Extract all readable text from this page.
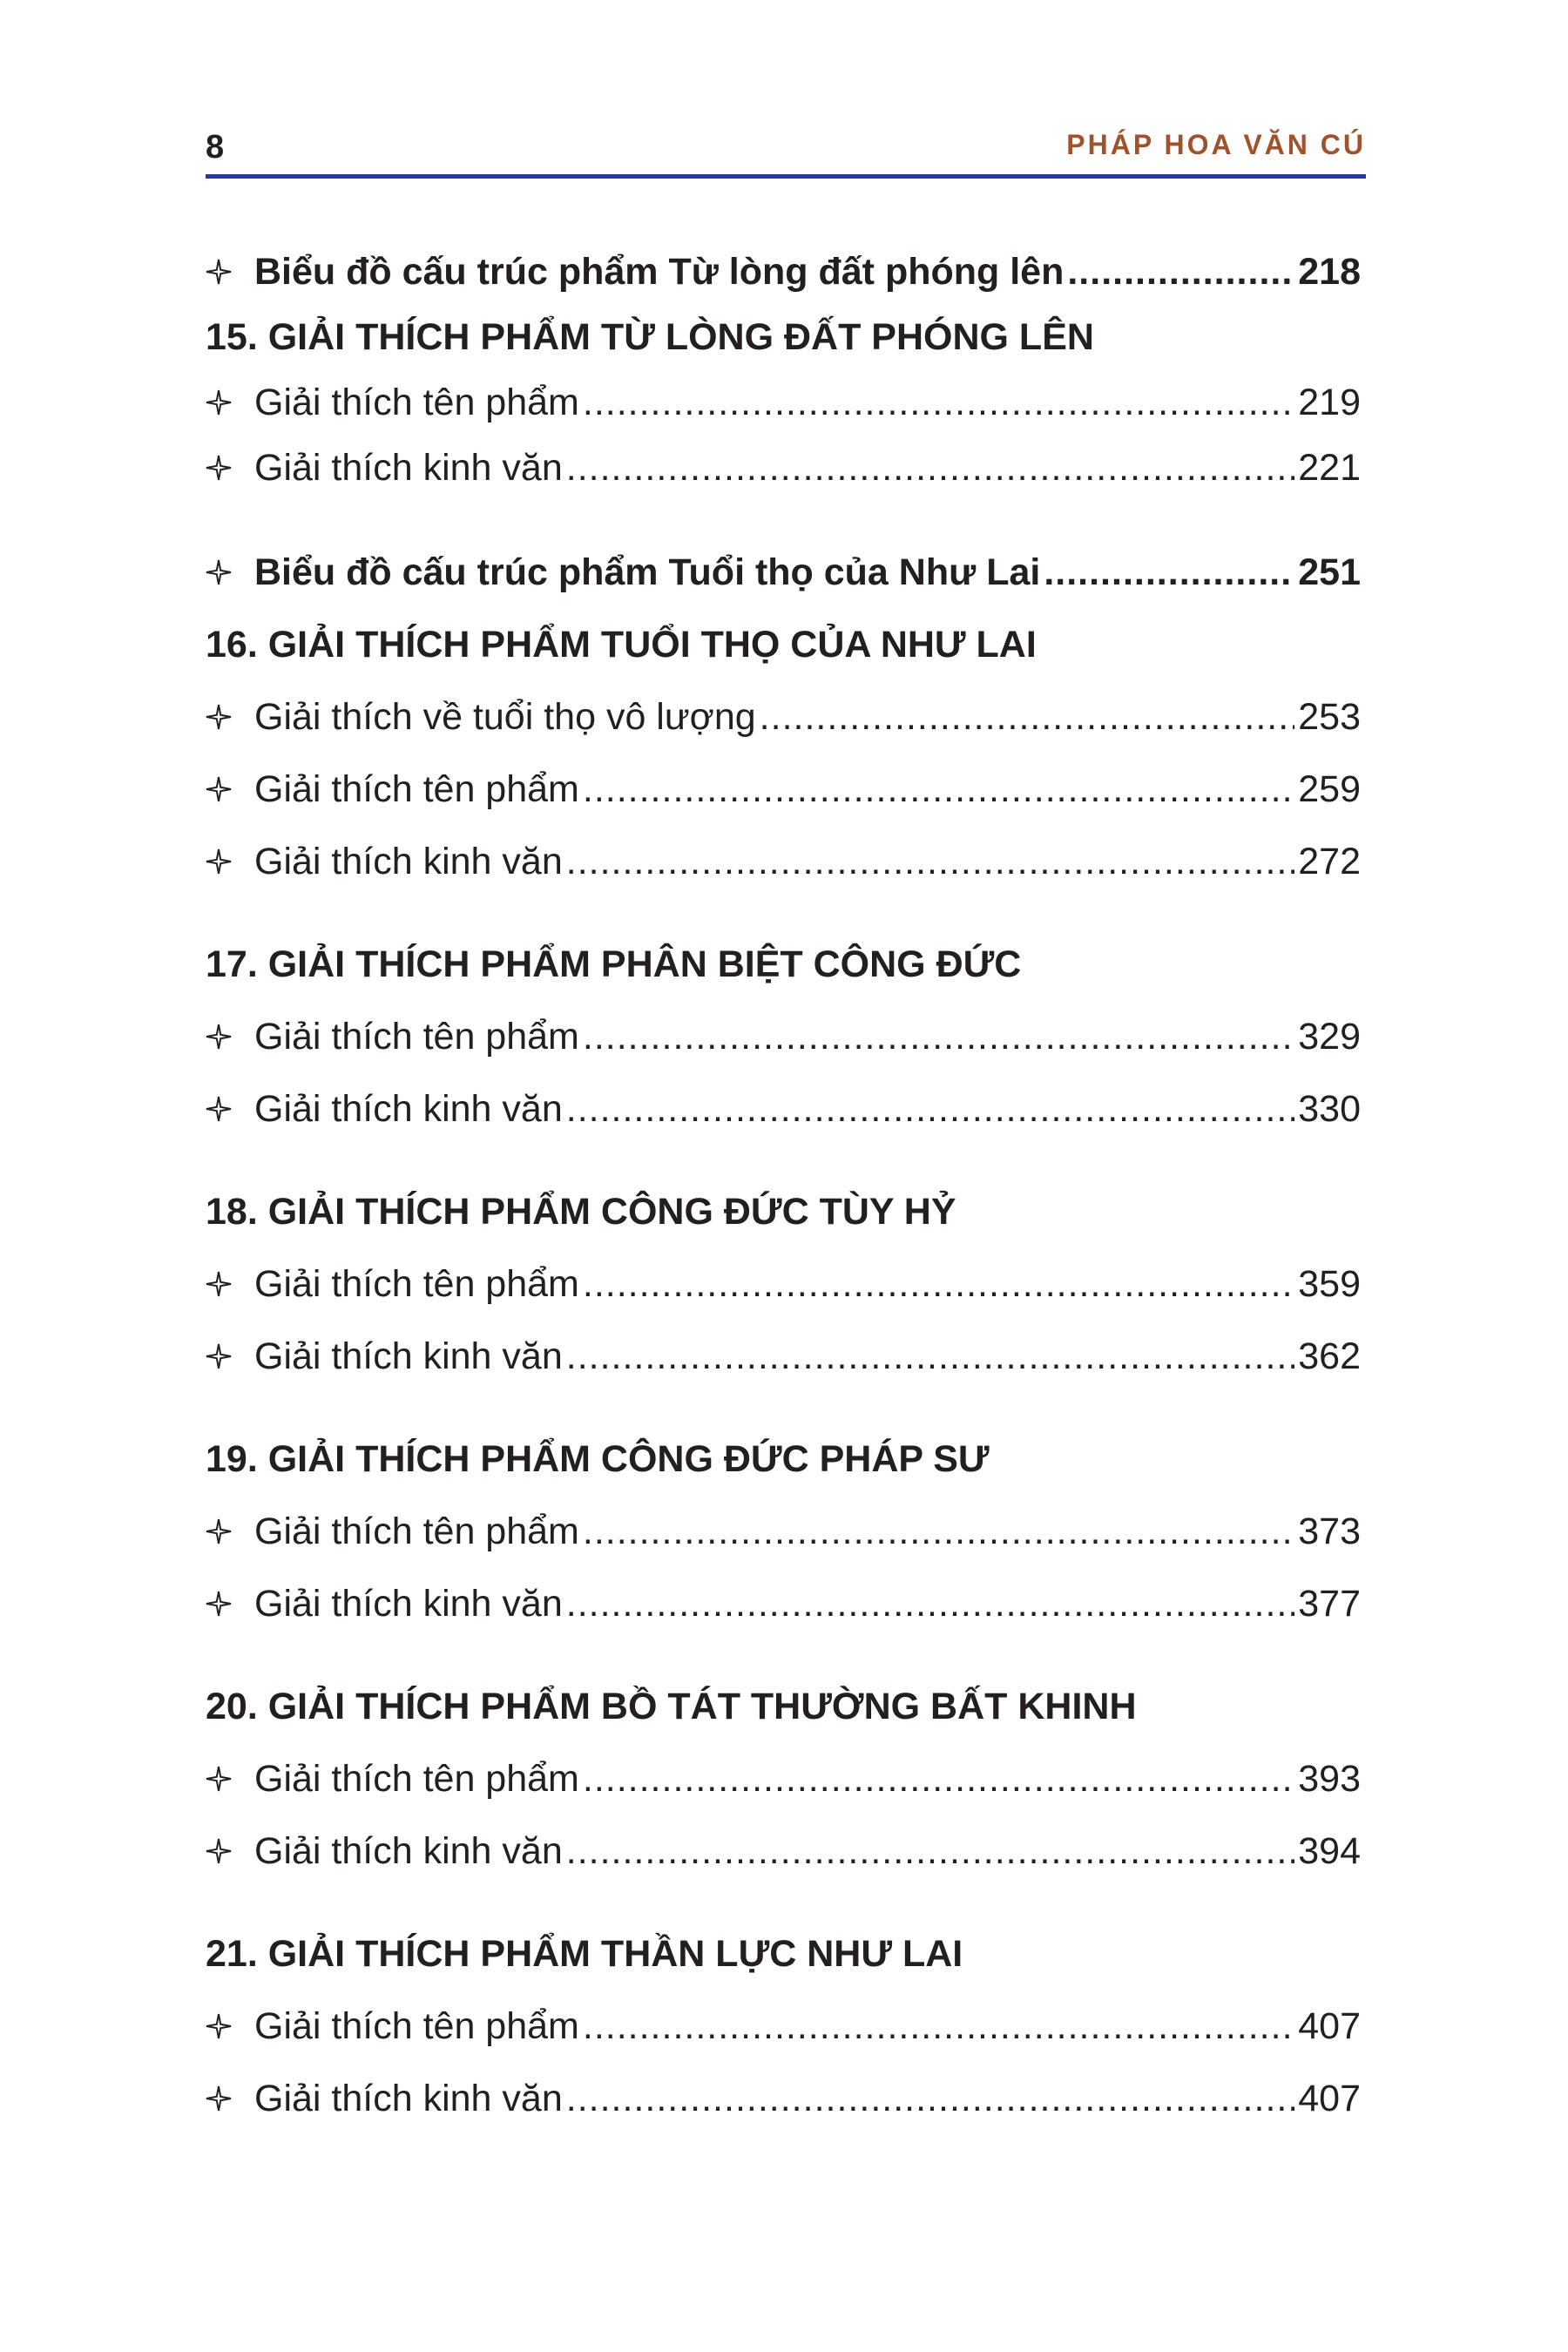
8	PHÁP HOA VĂN CÚ
Biểu đồ cấu trúc phẩm Từ lòng đất phóng lên .....	218
15. GIẢI THÍCH PHẨM TỪ LÒNG ĐẤT PHÓNG LÊN
Giải thích tên phẩm .....	219
Giải thích kinh văn .....	221
Biểu đồ cấu trúc phẩm Tuổi thọ của Như Lai .....	251
16. GIẢI THÍCH PHẨM TUỔI THỌ CỦA NHƯ LAI
Giải thích về tuổi thọ vô lượng .....	253
Giải thích tên phẩm .....	259
Giải thích kinh văn .....	272
17. GIẢI THÍCH PHẨM PHÂN BIỆT CÔNG ĐỨC
Giải thích tên phẩm .....	329
Giải thích kinh văn .....	330
18. GIẢI THÍCH PHẨM CÔNG ĐỨC TÙY HỶ
Giải thích tên phẩm .....	359
Giải thích kinh văn .....	362
19. GIẢI THÍCH PHẨM CÔNG ĐỨC PHÁP SƯ
Giải thích tên phẩm .....	373
Giải thích kinh văn .....	377
20. GIẢI THÍCH PHẨM BỒ TÁT THƯỜNG BẤT KHINH
Giải thích tên phẩm .....	393
Giải thích kinh văn .....	394
21. GIẢI THÍCH PHẨM THẦN LỰC NHƯ LAI
Giải thích tên phẩm .....	407
Giải thích kinh văn .....	407
